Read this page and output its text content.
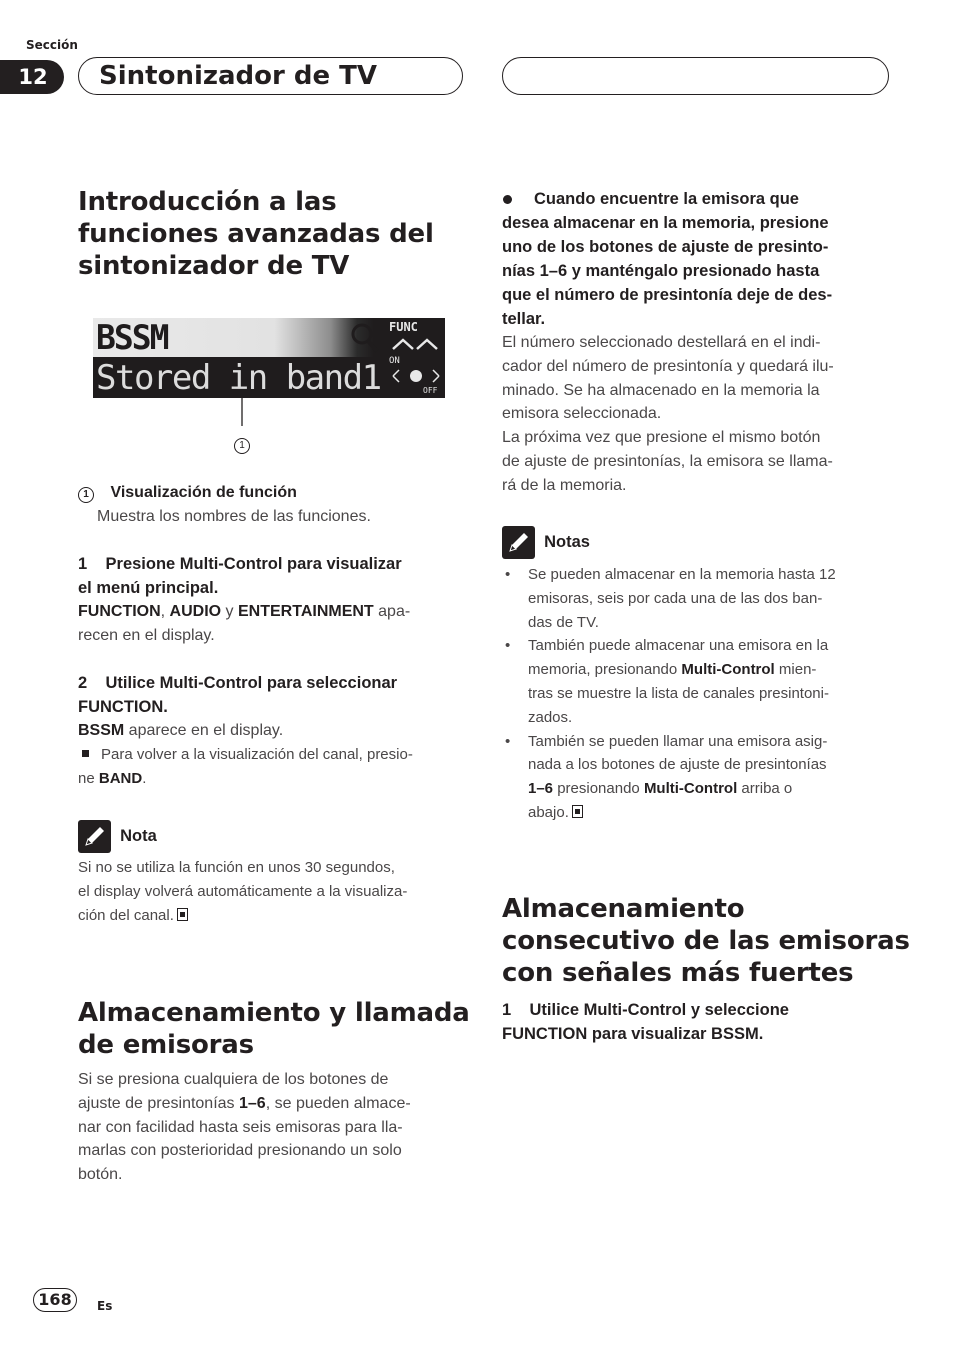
Sección
12	Sintonizador de TV
Introducción a las
funciones avanzadas del
sintonizador de TV
BSSM
Stored in band1
FUNC
ON
OFF
1
1 Visualización de función
Muestra los nombres de las funciones.
1    Presione Multi-Control para visualizar
el menú principal.
FUNCTION, AUDIO y ENTERTAINMENT apa-
recen en el display.
2    Utilice Multi-Control para seleccionar
FUNCTION.
BSSM aparece en el display.
Para volver a la visualización del canal, presio-
ne BAND.
Nota
Si no se utiliza la función en unos 30 segundos,
el display volverá automáticamente a la visualiza-
ción del canal.
Almacenamiento y llamada
de emisoras
Si se presiona cualquiera de los botones de
ajuste de presintonías 1–6, se pueden almace-
nar con facilidad hasta seis emisoras para lla-
marlas con posterioridad presionando un solo
botón.
Cuando encuentre la emisora que
desea almacenar en la memoria, presione
uno de los botones de ajuste de presinto-
nías 1–6 y manténgalo presionado hasta
que el número de presintonía deje de des-
tellar.
El número seleccionado destellará en el indi-
cador del número de presintonía y quedará ilu-
minado. Se ha almacenado en la memoria la
emisora seleccionada.
La próxima vez que presione el mismo botón
de ajuste de presintonías, la emisora se llama-
rá de la memoria.
Notas
• Se pueden almacenar en la memoria hasta 12
emisoras, seis por cada una de las dos ban-
das de TV.
• También puede almacenar una emisora en la
memoria, presionando Multi-Control mien-
tras se muestre la lista de canales presintoni-
zados.
• También se pueden llamar una emisora asig-
nada a los botones de ajuste de presintonías
1–6 presionando Multi-Control arriba o
abajo.
Almacenamiento
consecutivo de las emisoras
con señales más fuertes
1    Utilice Multi-Control y seleccione
FUNCTION para visualizar BSSM.
168	Es
